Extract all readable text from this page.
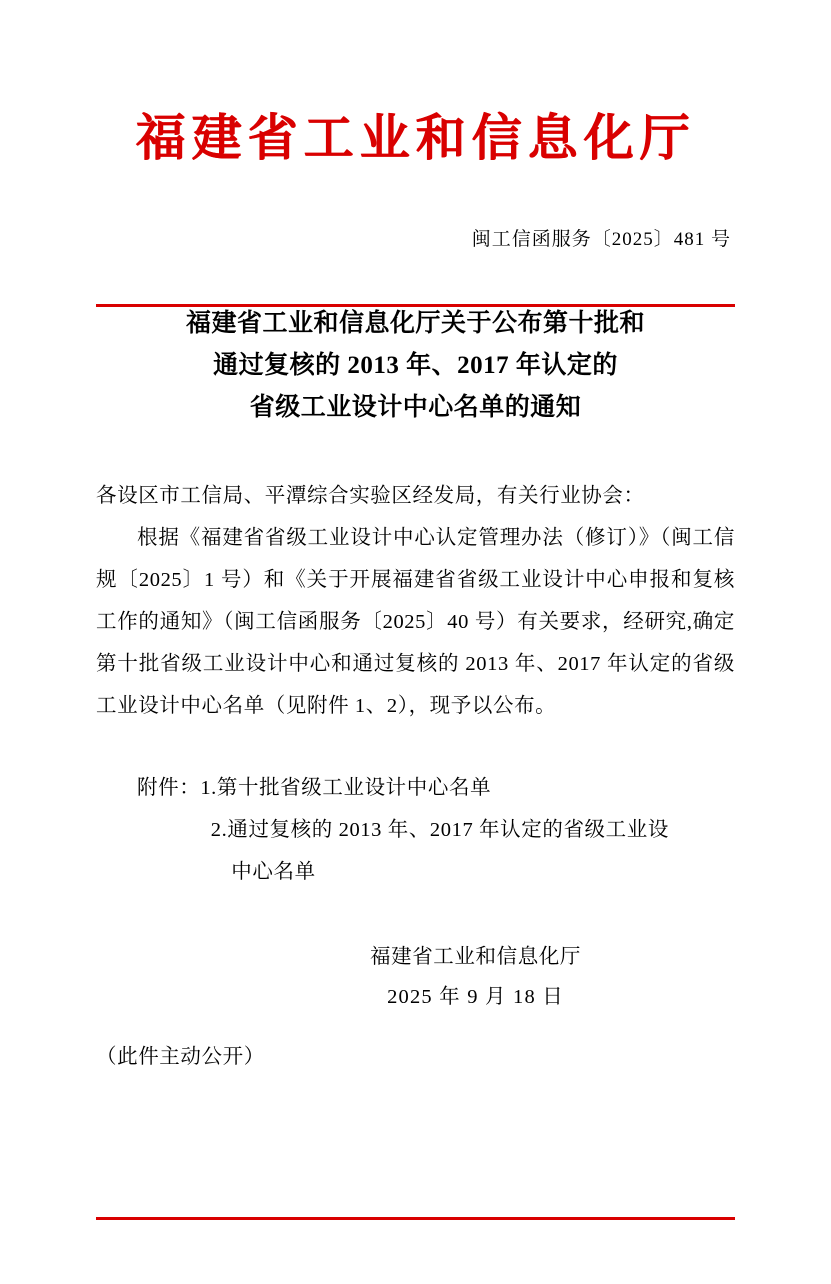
福建省工业和信息化厅
闽工信函服务〔2025〕481 号
福建省工业和信息化厅关于公布第十批和
通过复核的 2013 年、2017 年认定的
省级工业设计中心名单的通知

各设区市工信局、平潭综合实验区经发局，有关行业协会：

根据《福建省省级工业设计中心认定管理办法（修订）》（闽工信规〔2025〕1 号）和《关于开展福建省省级工业设计中心申报和复核工作的通知》（闽工信函服务〔2025〕40 号）有关要求，经研究,确定第十批省级工业设计中心和通过复核的 2013 年、2017 年认定的省级工业设计中心名单（见附件 1、2），现予以公布。

附件：1.第十批省级工业设计中心名单
2.通过复核的 2013 年、2017 年认定的省级工业设
中心名单
福建省工业和信息化厅
2025 年 9 月 18 日
（此件主动公开）
